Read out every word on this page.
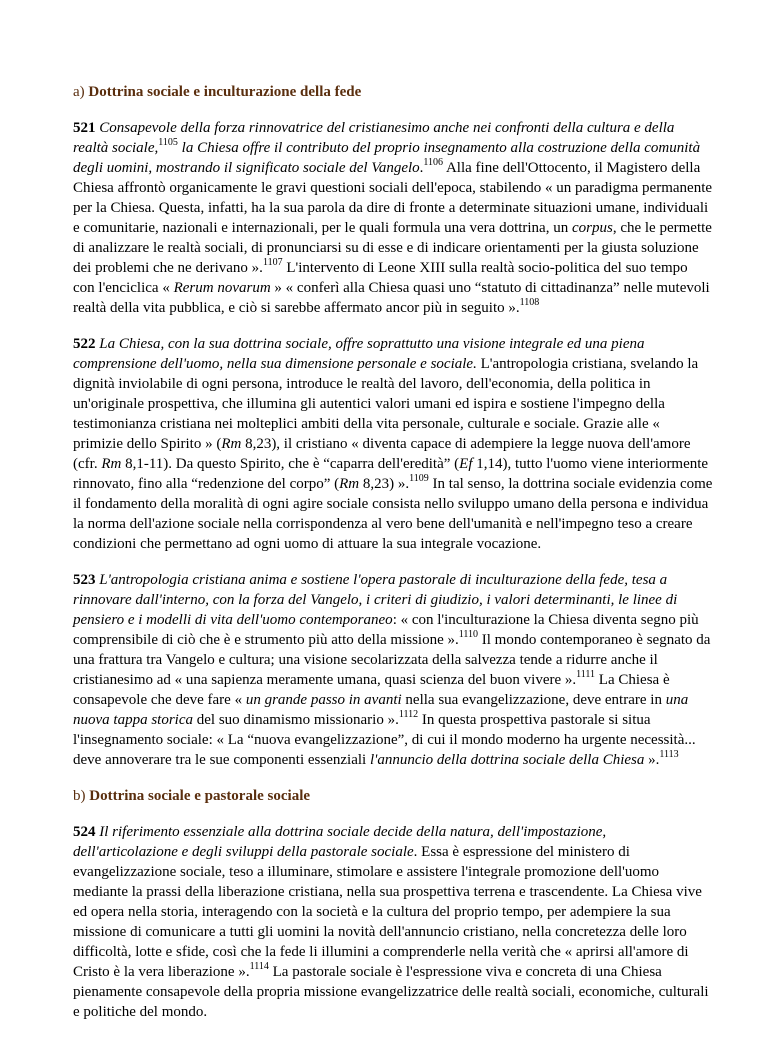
a) Dottrina sociale e inculturazione della fede

521 Consapevole della forza rinnovatrice del cristianesimo anche nei confronti della cultura e della realtà sociale,$^{1105}$ la Chiesa offre il contributo del proprio insegnamento alla costruzione della comunità degli uomini, mostrando il significato sociale del Vangelo.$^{1106}$ Alla fine dell'Ottocento, il Magistero della Chiesa affrontò organicamente le gravi questioni sociali dell'epoca, stabilendo « un paradigma permanente per la Chiesa. Questa, infatti, ha la sua parola da dire di fronte a determinate situazioni umane, individuali e comunitarie, nazionali e internazionali, per le quali formula una vera dottrina, un corpus, che le permette di analizzare le realtà sociali, di pronunciarsi su di esse e di indicare orientamenti per la giusta soluzione dei problemi che ne derivano ».$^{1107}$ L'intervento di Leone XIII sulla realtà socio-politica del suo tempo con l'enciclica « Rerum novarum » « conferì alla Chiesa quasi uno “statuto di cittadinanza” nelle mutevoli realtà della vita pubblica, e ciò si sarebbe affermato ancor più in seguito ».$^{1108}$

522 La Chiesa, con la sua dottrina sociale, offre soprattutto una visione integrale ed una piena comprensione dell'uomo, nella sua dimensione personale e sociale. L'antropologia cristiana, svelando la dignità inviolabile di ogni persona, introduce le realtà del lavoro, dell'economia, della politica in un'originale prospettiva, che illumina gli autentici valori umani ed ispira e sostiene l'impegno della testimonianza cristiana nei molteplici ambiti della vita personale, culturale e sociale. Grazie alle « primizie dello Spirito » (Rm 8,23), il cristiano « diventa capace di adempiere la legge nuova dell'amore (cfr. Rm 8,1-11). Da questo Spirito, che è “caparra dell'eredità” (Ef 1,14), tutto l'uomo viene interiormente rinnovato, fino alla “redenzione del corpo” (Rm 8,23) ».$^{1109}$ In tal senso, la dottrina sociale evidenzia come il fondamento della moralità di ogni agire sociale consista nello sviluppo umano della persona e individua la norma dell'azione sociale nella corrispondenza al vero bene dell'umanità e nell'impegno teso a creare condizioni che permettano ad ogni uomo di attuare la sua integrale vocazione.

523 L'antropologia cristiana anima e sostiene l'opera pastorale di inculturazione della fede, tesa a rinnovare dall'interno, con la forza del Vangelo, i criteri di giudizio, i valori determinanti, le linee di pensiero e i modelli di vita dell'uomo contemporaneo: « con l'inculturazione la Chiesa diventa segno più comprensibile di ciò che è e strumento più atto della missione ».$^{1110}$ Il mondo contemporaneo è segnato da una frattura tra Vangelo e cultura; una visione secolarizzata della salvezza tende a ridurre anche il cristianesimo ad « una sapienza meramente umana, quasi scienza del buon vivere ».$^{1111}$ La Chiesa è consapevole che deve fare « un grande passo in avanti nella sua evangelizzazione, deve entrare in una nuova tappa storica del suo dinamismo missionario ».$^{1112}$ In questa prospettiva pastorale si situa l'insegnamento sociale: « La “nuova evangelizzazione”, di cui il mondo moderno ha urgente necessità... deve annoverare tra le sue componenti essenziali l'annuncio della dottrina sociale della Chiesa ».$^{1113}$

b) Dottrina sociale e pastorale sociale

524 Il riferimento essenziale alla dottrina sociale decide della natura, dell'impostazione, dell'articolazione e degli sviluppi della pastorale sociale. Essa è espressione del ministero di evangelizzazione sociale, teso a illuminare, stimolare e assistere l'integrale promozione dell'uomo mediante la prassi della liberazione cristiana, nella sua prospettiva terrena e trascendente. La Chiesa vive ed opera nella storia, interagendo con la società e la cultura del proprio tempo, per adempiere la sua missione di comunicare a tutti gli uomini la novità dell'annuncio cristiano, nella concretezza delle loro difficoltà, lotte e sfide, così che la fede li illumini a comprenderle nella verità che « aprirsi all'amore di Cristo è la vera liberazione ».$^{1114}$ La pastorale sociale è l'espressione viva e concreta di una Chiesa pienamente consapevole della propria missione evangelizzatrice delle realtà sociali, economiche, culturali e politiche del mondo.
